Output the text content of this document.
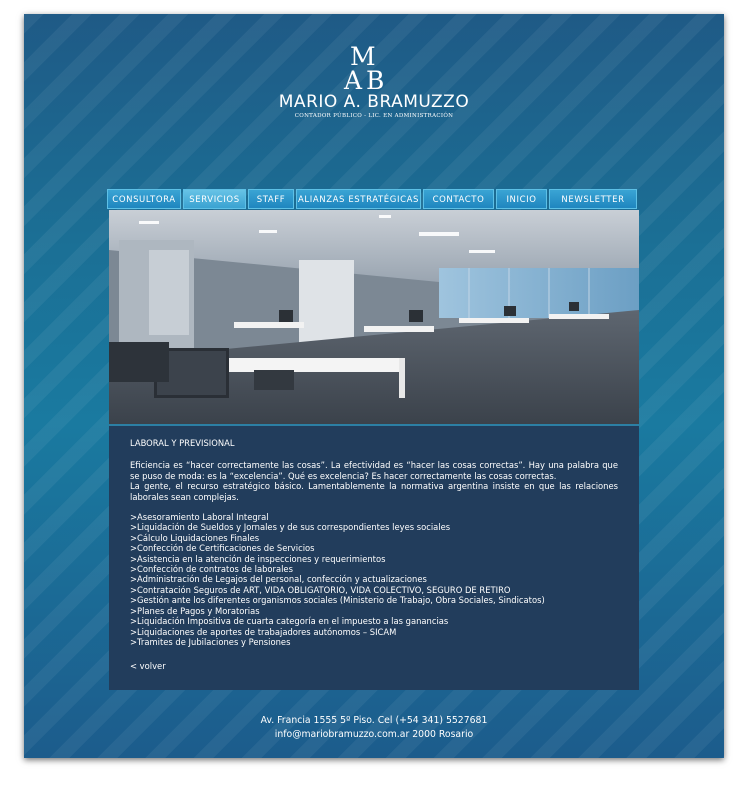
M
A B
MARIO A. BRAMUZZO
CONTADOR PÚBLICO - LIC. EN ADMINISTRACIÓN
CONSULTORA	SERVICIOS	STAFF	ALIANZAS ESTRATÉGICAS	CONTACTO	INICIO	NEWSLETTER
LABORAL Y PREVISIONAL
Eficiencia es “hacer correctamente las cosas”. La efectividad es “hacer las cosas correctas”. Hay una palabra que se puso de moda: es la “excelencia”. Qué es excelencia? Es hacer correctamente las cosas correctas.
La gente, el recurso estratégico básico. Lamentablemente la normativa argentina insiste en que las relaciones laborales sean complejas.
>Asesoramiento Laboral Integral
>Liquidación de Sueldos y Jornales y de sus correspondientes leyes sociales
>Cálculo Liquidaciones Finales
>Confección de Certificaciones de Servicios
>Asistencia en la atención de inspecciones y requerimientos
>Confección de contratos de laborales
>Administración de Legajos del personal, confección y actualizaciones
>Contratación Seguros de ART, VIDA OBLIGATORIO, VIDA COLECTIVO, SEGURO DE RETIRO
>Gestión ante los diferentes organismos sociales (Ministerio de Trabajo, Obra Sociales, Sindicatos)
>Planes de Pagos y Moratorias
>Liquidación Impositiva de cuarta categoría en el impuesto a las ganancias
>Liquidaciones de aportes de trabajadores autónomos – SICAM
>Tramites de Jubilaciones y Pensiones
< volver
Av. Francia 1555 5º Piso. Cel (+54 341) 5527681
info@mariobramuzzo.com.ar 2000 Rosario
